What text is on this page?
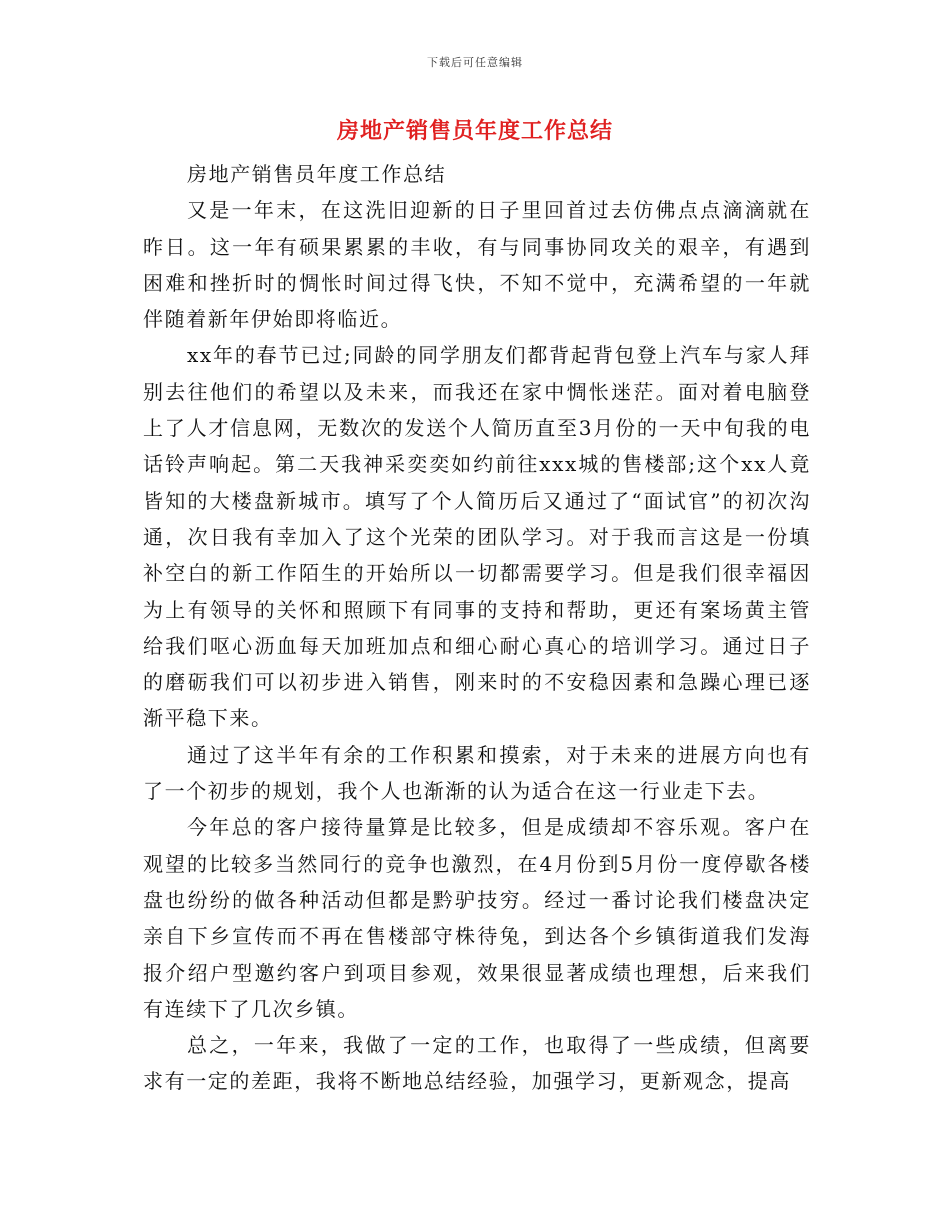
下载后可任意编辑
房地产销售员年度工作总结

房地产销售员年度工作总结

又是一年末，在这洗旧迎新的日子里回首过去仿佛点点滴滴就在昨日。这一年有硕果累累的丰收，有与同事协同攻关的艰辛，有遇到困难和挫折时的惆怅时间过得飞快，不知不觉中，充满希望的一年就伴随着新年伊始即将临近。

xx年的春节已过;同龄的同学朋友们都背起背包登上汽车与家人拜别去往他们的希望以及未来，而我还在家中惆怅迷茫。面对着电脑登上了人才信息网，无数次的发送个人简历直至3月份的一天中旬我的电话铃声响起。第二天我神采奕奕如约前往xxx城的售楼部;这个xx人竟皆知的大楼盘新城市。填写了个人简历后又通过了“面试官”的初次沟通，次日我有幸加入了这个光荣的团队学习。对于我而言这是一份填补空白的新工作陌生的开始所以一切都需要学习。但是我们很幸福因为上有领导的关怀和照顾下有同事的支持和帮助，更还有案场黄主管给我们呕心沥血每天加班加点和细心耐心真心的培训学习。通过日子的磨砺我们可以初步进入销售，刚来时的不安稳因素和急躁心理已逐渐平稳下来。

通过了这半年有余的工作积累和摸索，对于未来的进展方向也有了一个初步的规划，我个人也渐渐的认为适合在这一行业走下去。

今年总的客户接待量算是比较多，但是成绩却不容乐观。客户在观望的比较多当然同行的竞争也激烈，在4月份到5月份一度停歇各楼盘也纷纷的做各种活动但都是黔驴技穷。经过一番讨论我们楼盘决定亲自下乡宣传而不再在售楼部守株待兔，到达各个乡镇街道我们发海报介绍户型邀约客户到项目参观，效果很显著成绩也理想，后来我们有连续下了几次乡镇。

总之，一年来，我做了一定的工作，也取得了一些成绩，但离要求有一定的差距，我将不断地总结经验，加强学习，更新观念，提高
